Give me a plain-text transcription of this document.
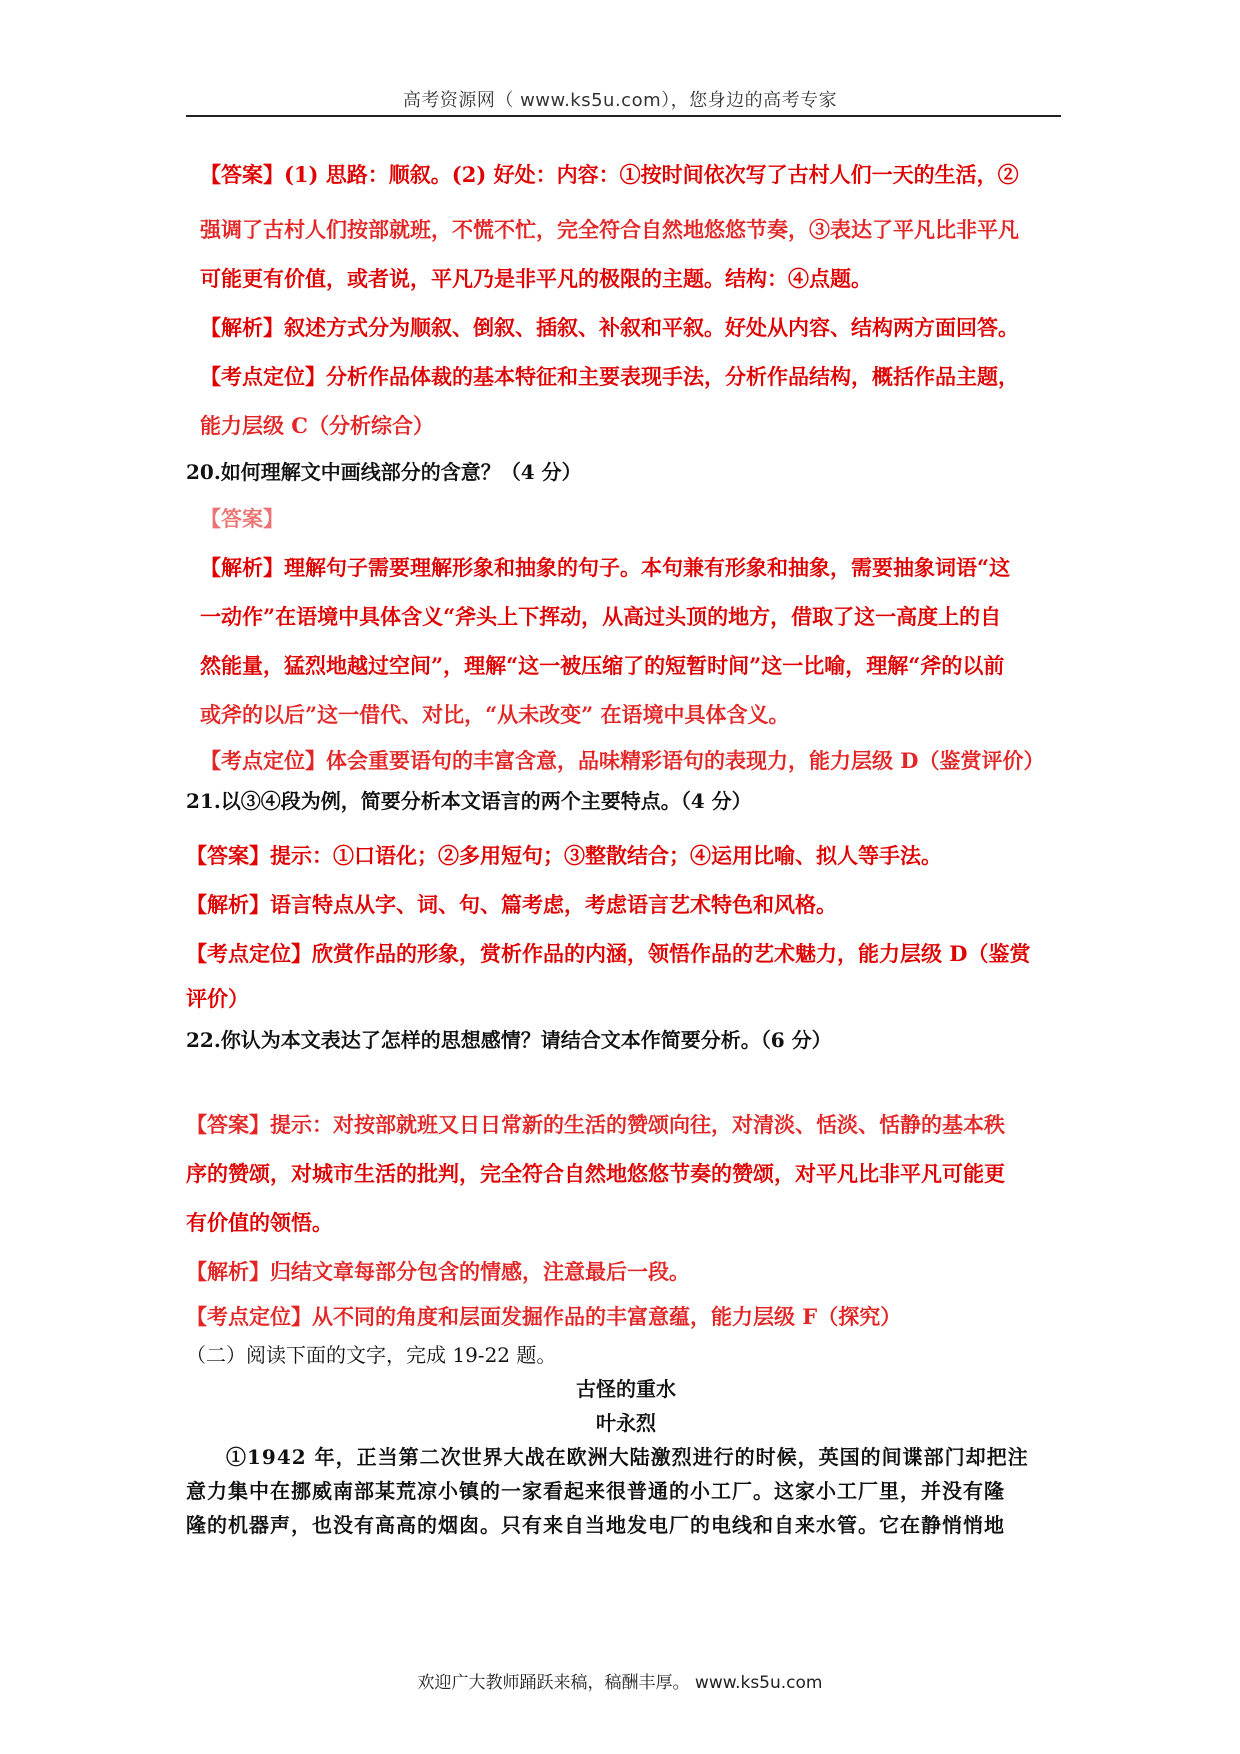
高考资源网（ www.ks5u.com），您身边的高考专家

【答案】(1) 思路：顺叙。(2) 好处：内容：①按时间依次写了古村人们一天的生活，②

强调了古村人们按部就班，不慌不忙，完全符合自然地悠悠节奏，③表达了平凡比非平凡

可能更有价值，或者说，平凡乃是非平凡的极限的主题。结构：④点题。

【解析】叙述方式分为顺叙、倒叙、插叙、补叙和平叙。好处从内容、结构两方面回答。

【考点定位】分析作品体裁的基本特征和主要表现手法，分析作品结构，概括作品主题，

能力层级 C（分析综合）

20.如何理解文中画线部分的含意？（4 分）

【答案】

【解析】理解句子需要理解形象和抽象的句子。本句兼有形象和抽象，需要抽象词语“这

一动作”在语境中具体含义“斧头上下挥动，从高过头顶的地方，借取了这一高度上的自

然能量，猛烈地越过空间”，理解“这一被压缩了的短暂时间”这一比喻，理解“斧的以前

或斧的以后”这一借代、对比，“从未改变” 在语境中具体含义。

【考点定位】体会重要语句的丰富含意，品味精彩语句的表现力，能力层级 D（鉴赏评价）

21.以③④段为例，简要分析本文语言的两个主要特点。（4 分）

【答案】提示：①口语化；②多用短句；③整散结合；④运用比喻、拟人等手法。

【解析】语言特点从字、词、句、篇考虑，考虑语言艺术特色和风格。

【考点定位】欣赏作品的形象，赏析作品的内涵，领悟作品的艺术魅力，能力层级 D（鉴赏

评价）

22.你认为本文表达了怎样的思想感情？请结合文本作简要分析。（6 分）

【答案】提示：对按部就班又日日常新的生活的赞颂向往，对清淡、恬淡、恬静的基本秩

序的赞颂，对城市生活的批判，完全符合自然地悠悠节奏的赞颂，对平凡比非平凡可能更

有价值的领悟。

【解析】归结文章每部分包含的情感，注意最后一段。

【考点定位】从不同的角度和层面发掘作品的丰富意蕴，能力层级 F（探究）

（二）阅读下面的文字，完成 19-22 题。

古怪的重水

叶永烈

①1942 年，正当第二次世界大战在欧洲大陆激烈进行的时候，英国的间谍部门却把注

意力集中在挪威南部某荒凉小镇的一家看起来很普通的小工厂。这家小工厂里，并没有隆

隆的机器声，也没有高高的烟囱。只有来自当地发电厂的电线和自来水管。它在静悄悄地

欢迎广大教师踊跃来稿，稿酬丰厚。 www.ks5u.com
